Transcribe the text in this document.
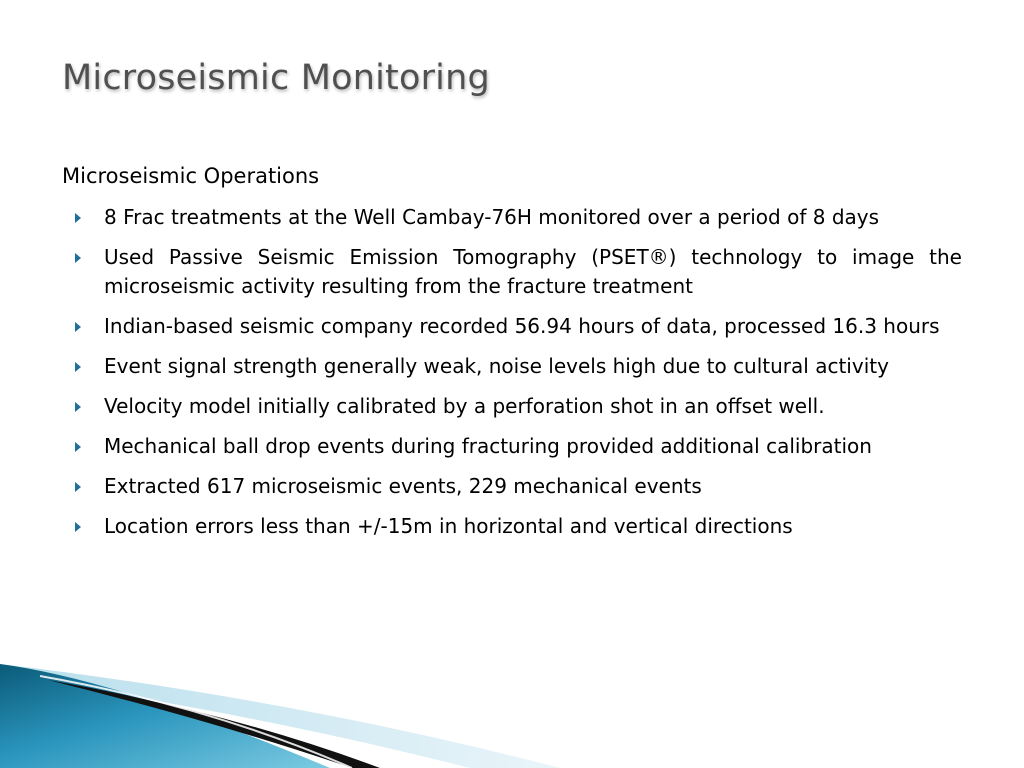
Microseismic Monitoring
Microseismic Operations
8 Frac treatments at the Well Cambay-76H monitored over a period of 8 days
Used Passive Seismic Emission Tomography (PSET®) technology to image the microseismic activity resulting from the fracture treatment
Indian-based seismic company recorded 56.94 hours of data, processed 16.3 hours
Event signal strength generally weak, noise levels high due to cultural activity
Velocity model initially calibrated by a perforation shot in an offset well.
Mechanical ball drop events during fracturing provided additional calibration
Extracted 617 microseismic events, 229 mechanical events
Location errors less than +/-15m in horizontal and vertical directions
